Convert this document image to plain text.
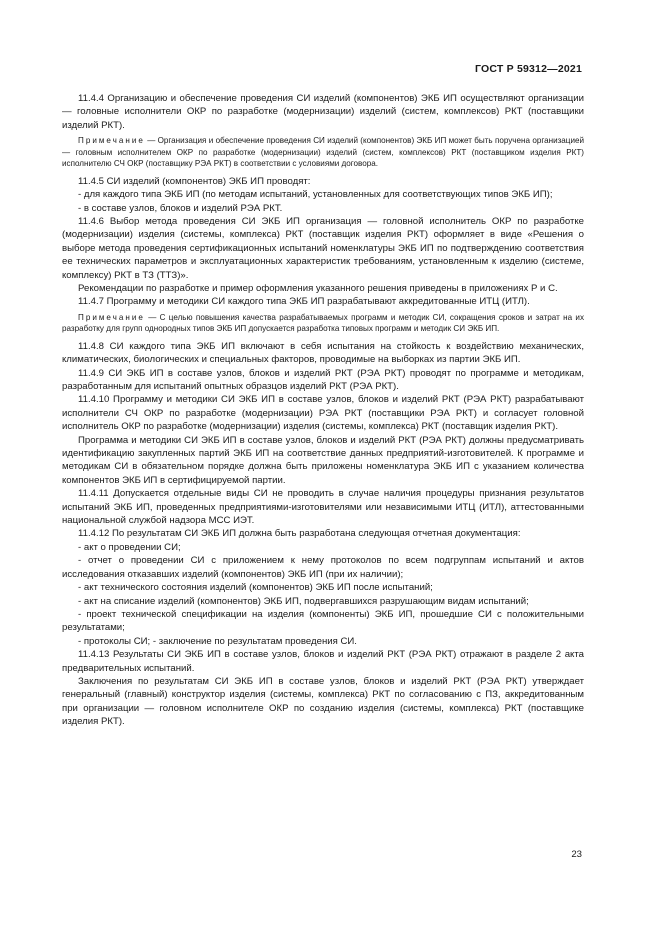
ГОСТ Р 59312—2021

11.4.4 Организацию и обеспечение проведения СИ изделий (компонентов) ЭКБ ИП осуществляют организации — головные исполнители ОКР по разработке (модернизации) изделий (систем, комплексов) РКТ (поставщики изделий РКТ).

Примечание — Организация и обеспечение проведения СИ изделий (компонентов) ЭКБ ИП может быть поручена организацией — головным исполнителем ОКР по разработке (модернизации) изделий (систем, комплексов) РКТ (поставщиком изделия РКТ) исполнителю СЧ ОКР (поставщику РЭА РКТ) в соответствии с условиями договора.

11.4.5 СИ изделий (компонентов) ЭКБ ИП проводят:

- для каждого типа ЭКБ ИП (по методам испытаний, установленных для соответствующих типов ЭКБ ИП);

- в составе узлов, блоков и изделий РЭА РКТ.

11.4.6 Выбор метода проведения СИ ЭКБ ИП организация — головной исполнитель ОКР по разработке (модернизации) изделия (системы, комплекса) РКТ (поставщик изделия РКТ) оформляет в виде «Решения о выборе метода проведения сертификационных испытаний номенклатуры ЭКБ ИП по подтверждению соответствия ее технических параметров и эксплуатационных характеристик требованиям, установленным к изделию (системе, комплексу) РКТ в ТЗ (ТТЗ)».

Рекомендации по разработке и пример оформления указанного решения приведены в приложениях Р и С.

11.4.7 Программу и методики СИ каждого типа ЭКБ ИП разрабатывают аккредитованные ИТЦ (ИТЛ).

Примечание — С целью повышения качества разрабатываемых программ и методик СИ, сокращения сроков и затрат на их разработку для групп однородных типов ЭКБ ИП допускается разработка типовых программ и методик СИ ЭКБ ИП.

11.4.8 СИ каждого типа ЭКБ ИП включают в себя испытания на стойкость к воздействию механических, климатических, биологических и специальных факторов, проводимые на выборках из партии ЭКБ ИП.

11.4.9 СИ ЭКБ ИП в составе узлов, блоков и изделий РКТ (РЭА РКТ) проводят по программе и методикам, разработанным для испытаний опытных образцов изделий РКТ (РЭА РКТ).

11.4.10 Программу и методики СИ ЭКБ ИП в составе узлов, блоков и изделий РКТ (РЭА РКТ) разрабатывают исполнители СЧ ОКР по разработке (модернизации) РЭА РКТ (поставщики РЭА РКТ) и согласует головной исполнитель ОКР по разработке (модернизации) изделия (системы, комплекса) РКТ (поставщик изделия РКТ).

Программа и методики СИ ЭКБ ИП в составе узлов, блоков и изделий РКТ (РЭА РКТ) должны предусматривать идентификацию закупленных партий ЭКБ ИП на соответствие данных предприятий-изготовителей. К программе и методикам СИ в обязательном порядке должна быть приложены номенклатура ЭКБ ИП с указанием количества компонентов ЭКБ ИП в сертифицируемой партии.

11.4.11 Допускается отдельные виды СИ не проводить в случае наличия процедуры признания результатов испытаний ЭКБ ИП, проведенных предприятиями-изготовителями или независимыми ИТЦ (ИТЛ), аттестованными национальной службой надзора МСС ИЭТ.

11.4.12 По результатам СИ ЭКБ ИП должна быть разработана следующая отчетная документация:

- акт о проведении СИ;

- отчет о проведении СИ с приложением к нему протоколов по всем подгруппам испытаний и актов исследования отказавших изделий (компонентов) ЭКБ ИП (при их наличии);

- акт технического состояния изделий (компонентов) ЭКБ ИП после испытаний;

- акт на списание изделий (компонентов) ЭКБ ИП, подвергавшихся разрушающим видам испытаний;

- проект технической спецификации на изделия (компоненты) ЭКБ ИП, прошедшие СИ с положительными результатами;

- протоколы СИ; - заключение по результатам проведения СИ.

11.4.13 Результаты СИ ЭКБ ИП в составе узлов, блоков и изделий РКТ (РЭА РКТ) отражают в разделе 2 акта предварительных испытаний.

Заключения по результатам СИ ЭКБ ИП в составе узлов, блоков и изделий РКТ (РЭА РКТ) утверждает генеральный (главный) конструктор изделия (системы, комплекса) РКТ по согласованию с ПЗ, аккредитованным при организации — головном исполнителе ОКР по созданию изделия (системы, комплекса) РКТ (поставщике изделия РКТ).

23
